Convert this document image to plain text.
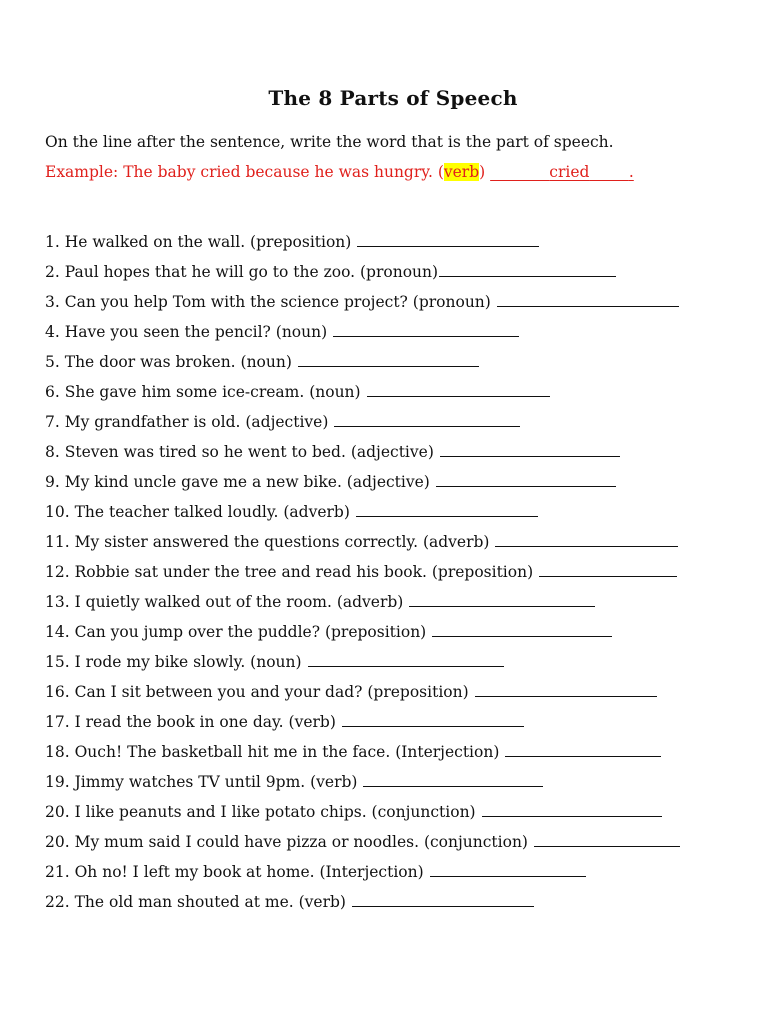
The 8 Parts of Speech
On the line after the sentence, write the word that is the part of speech.
Example: The baby cried because he was hungry. (verb)	cried	.
1. He walked on the wall. (preposition)
2. Paul hopes that he will go to the zoo. (pronoun)
3. Can you help Tom with the science project? (pronoun)
4. Have you seen the pencil? (noun)
5. The door was broken. (noun)
6. She gave him some ice-cream. (noun)
7. My grandfather is old. (adjective)
8. Steven was tired so he went to bed. (adjective)
9. My kind uncle gave me a new bike. (adjective)
10. The teacher talked loudly. (adverb)
11. My sister answered the questions correctly. (adverb)
12. Robbie sat under the tree and read his book. (preposition)
13. I quietly walked out of the room. (adverb)
14. Can you jump over the puddle? (preposition)
15. I rode my bike slowly. (noun)
16. Can I sit between you and your dad? (preposition)
17. I read the book in one day. (verb)
18. Ouch! The basketball hit me in the face. (Interjection)
19. Jimmy watches TV until 9pm. (verb)
20. I like peanuts and I like potato chips. (conjunction)
20. My mum said I could have pizza or noodles. (conjunction)
21. Oh no! I left my book at home. (Interjection)
22. The old man shouted at me. (verb)
